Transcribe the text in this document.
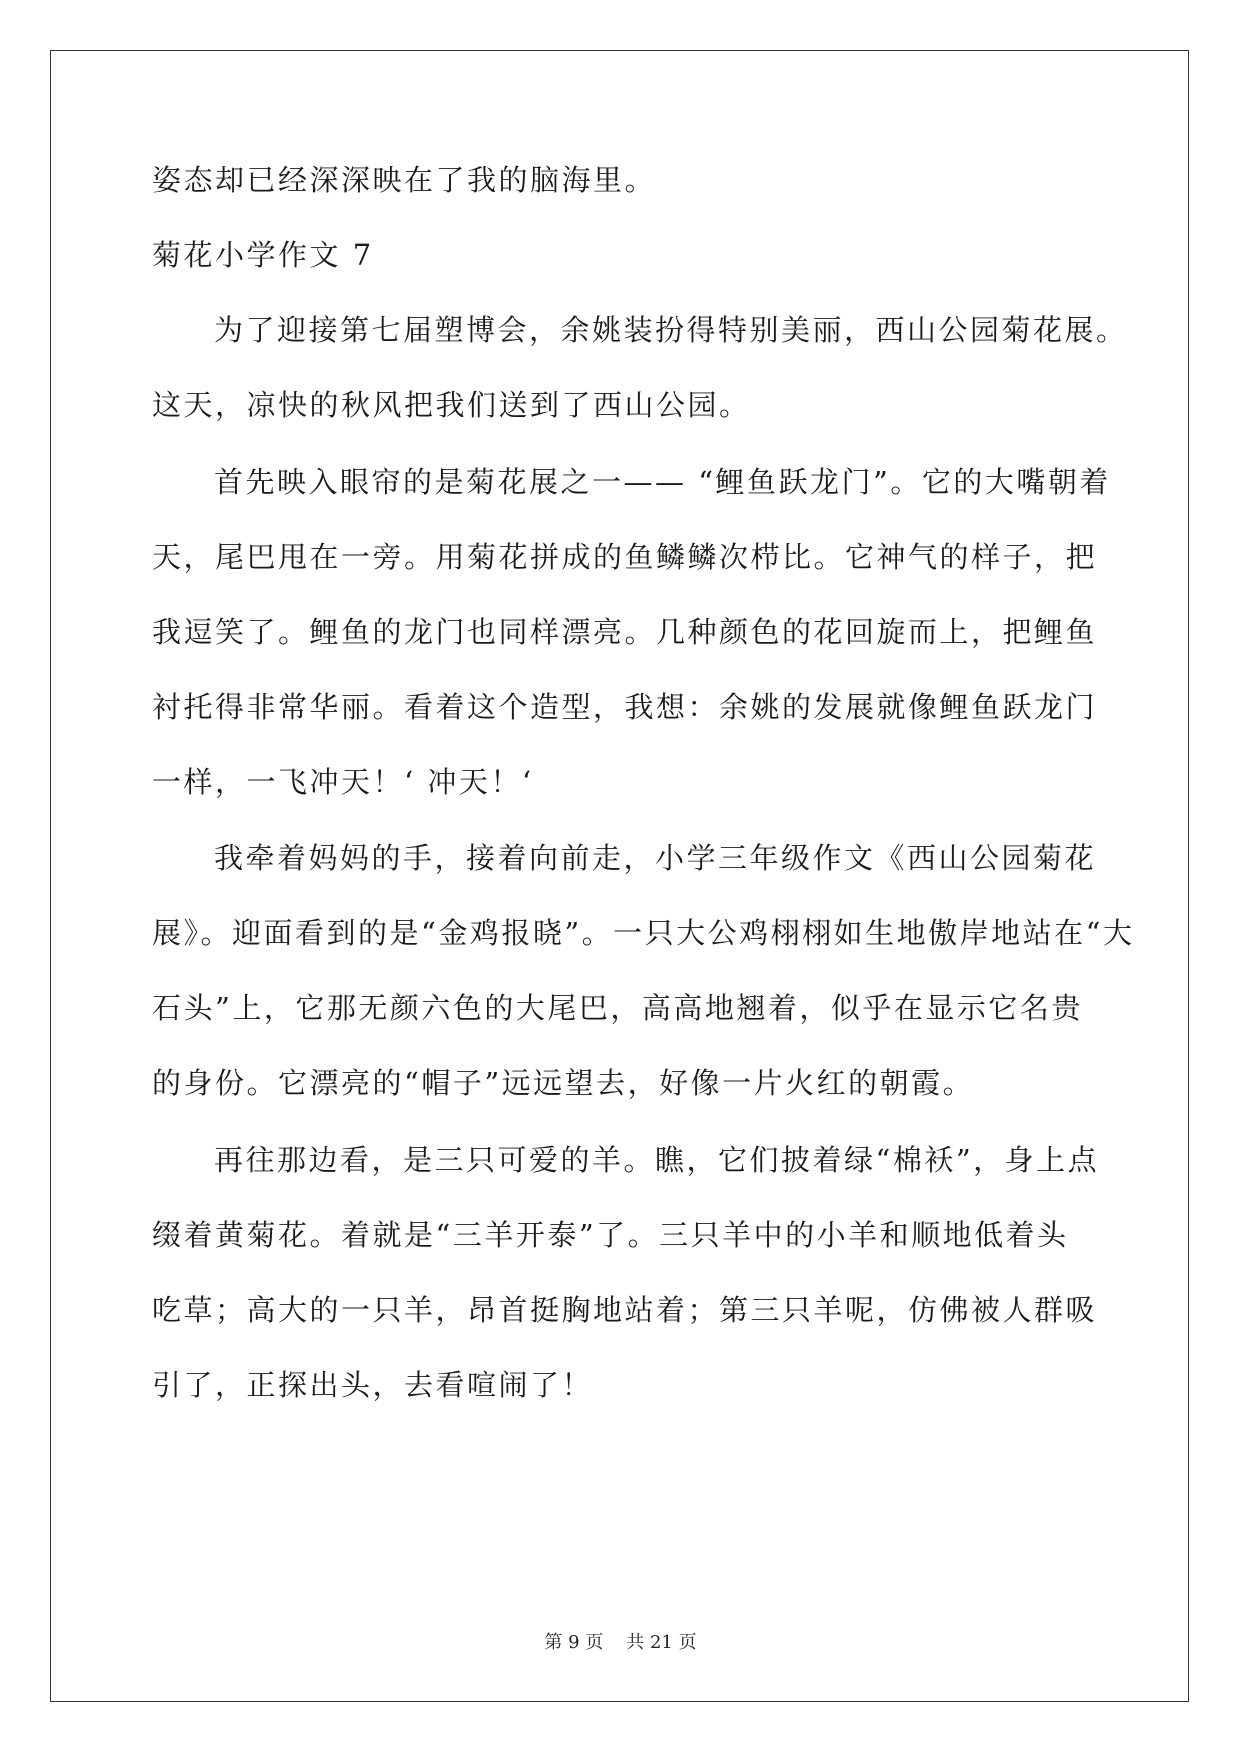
姿态却已经深深映在了我的脑海里。
菊花小学作文 7
为了迎接第七届塑博会，余姚装扮得特别美丽，西山公园菊花展。
这天，凉快的秋风把我们送到了西山公园。
首先映入眼帘的是菊花展之一—— “鲤鱼跃龙门”。它的大嘴朝着
天，尾巴甩在一旁。用菊花拼成的鱼鳞鳞次栉比。它神气的样子，把
我逗笑了。鲤鱼的龙门也同样漂亮。几种颜色的花回旋而上，把鲤鱼
衬托得非常华丽。看着这个造型，我想：余姚的发展就像鲤鱼跃龙门
一样，一飞冲天！‘ 冲天！‘
我牵着妈妈的手，接着向前走，小学三年级作文《西山公园菊花
展》。迎面看到的是“金鸡报晓”。一只大公鸡栩栩如生地傲岸地站在“大
石头”上，它那无颜六色的大尾巴，高高地翘着，似乎在显示它名贵
的身份。它漂亮的“帽子”远远望去，好像一片火红的朝霞。
再往那边看，是三只可爱的羊。瞧，它们披着绿“棉袄”，身上点
缀着黄菊花。着就是“三羊开泰”了。三只羊中的小羊和顺地低着头
吃草；高大的一只羊，昂首挺胸地站着；第三只羊呢，仿佛被人群吸
引了，正探出头，去看喧闹了！
第 9 页 共 21 页
